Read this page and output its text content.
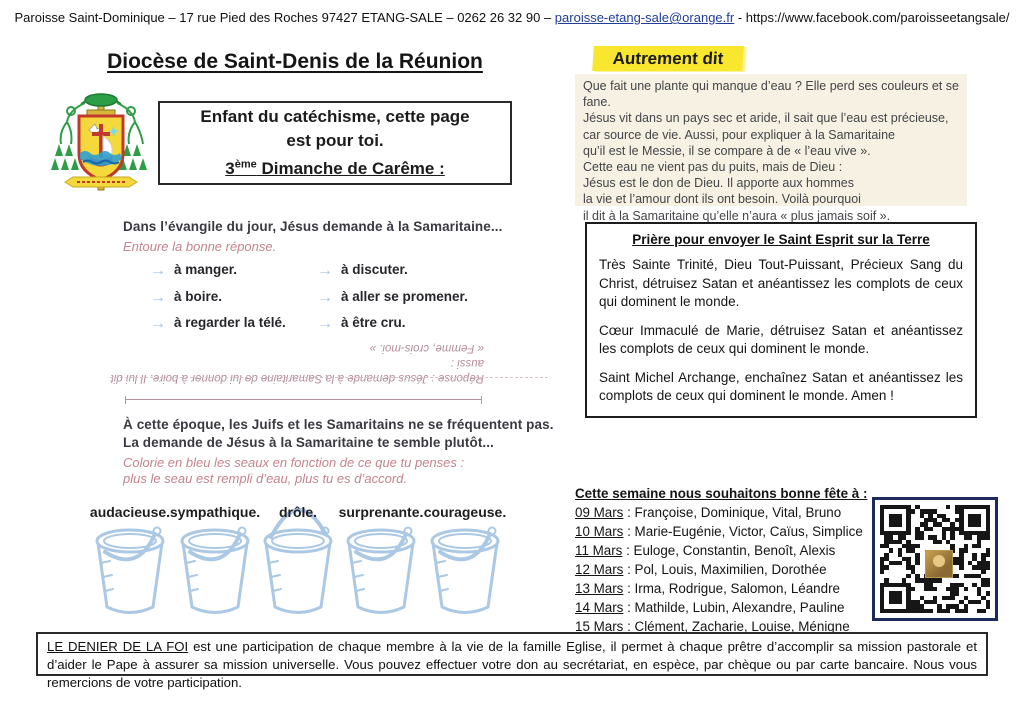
Paroisse Saint-Dominique – 17 rue Pied des Roches 97427 ETANG-SALE – 0262 26 32 90 – paroisse-etang-sale@orange.fr - https://www.facebook.com/paroisseetangsale/
Diocèse de Saint-Denis de la Réunion
Enfant du catéchisme, cette page
est pour toi.
3ème Dimanche de Carême :
Dans l’évangile du jour, Jésus demande à la Samaritaine...
Entoure la bonne réponse.
→ à manger.
→ à boire.
→ à regarder la télé.
→ à discuter.
→ à aller se promener.
→ à être cru.
Réponse : Jésus demande à la Samaritaine de lui donner à boire. Il lui dit aussi :
« Femme, crois-moi. »
À cette époque, les Juifs et les Samaritains ne se fréquentent pas.
La demande de Jésus à la Samaritaine te semble plutôt...
Colorie en bleu les seaux en fonction de ce que tu penses :
plus le seau est rempli d’eau, plus tu es d’accord.
audacieuse. sympathique. drôle. surprenante. courageuse.
Autrement dit
Que fait une plante qui manque d’eau ? Elle perd ses couleurs et se fane.
Jésus vit dans un pays sec et aride, il sait que l’eau est précieuse,
car source de vie. Aussi, pour expliquer à la Samaritaine
qu’il est le Messie, il se compare à de « l’eau vive ».
Cette eau ne vient pas du puits, mais de Dieu :
Jésus est le don de Dieu. Il apporte aux hommes
la vie et l’amour dont ils ont besoin. Voilà pourquoi
il dit à la Samaritaine qu’elle n’aura « plus jamais soif ».
Prière pour envoyer le Saint Esprit sur la Terre

Très Sainte Trinité, Dieu Tout-Puissant, Précieux Sang du Christ, détruisez Satan et anéantissez les complots de ceux qui dominent le monde.

Cœur Immaculé de Marie, détruisez Satan et anéantissez les complots de ceux qui dominent le monde.

Saint Michel Archange, enchaînez Satan et anéantissez les complots de ceux qui dominent le monde. Amen !

Cette semaine nous souhaitons bonne fête à :
09 Mars : Françoise, Dominique, Vital, Bruno
10 Mars : Marie-Eugénie, Victor, Caïus, Simplice
11 Mars : Euloge, Constantin, Benoît, Alexis
12 Mars : Pol, Louis, Maximilien, Dorothée
13 Mars : Irma, Rodrigue, Salomon, Léandre
14 Mars : Mathilde, Lubin, Alexandre, Pauline
15 Mars : Clément, Zacharie, Louise, Ménigne
LE DENIER DE LA FOI est une participation de chaque membre à la vie de la famille Eglise, il permet à chaque prêtre d’accomplir sa mission pastorale et d’aider le Pape à assurer sa mission universelle. Vous pouvez effectuer votre don au secrétariat, en espèce, par chèque ou par carte bancaire. Nous vous remercions de votre participation.
